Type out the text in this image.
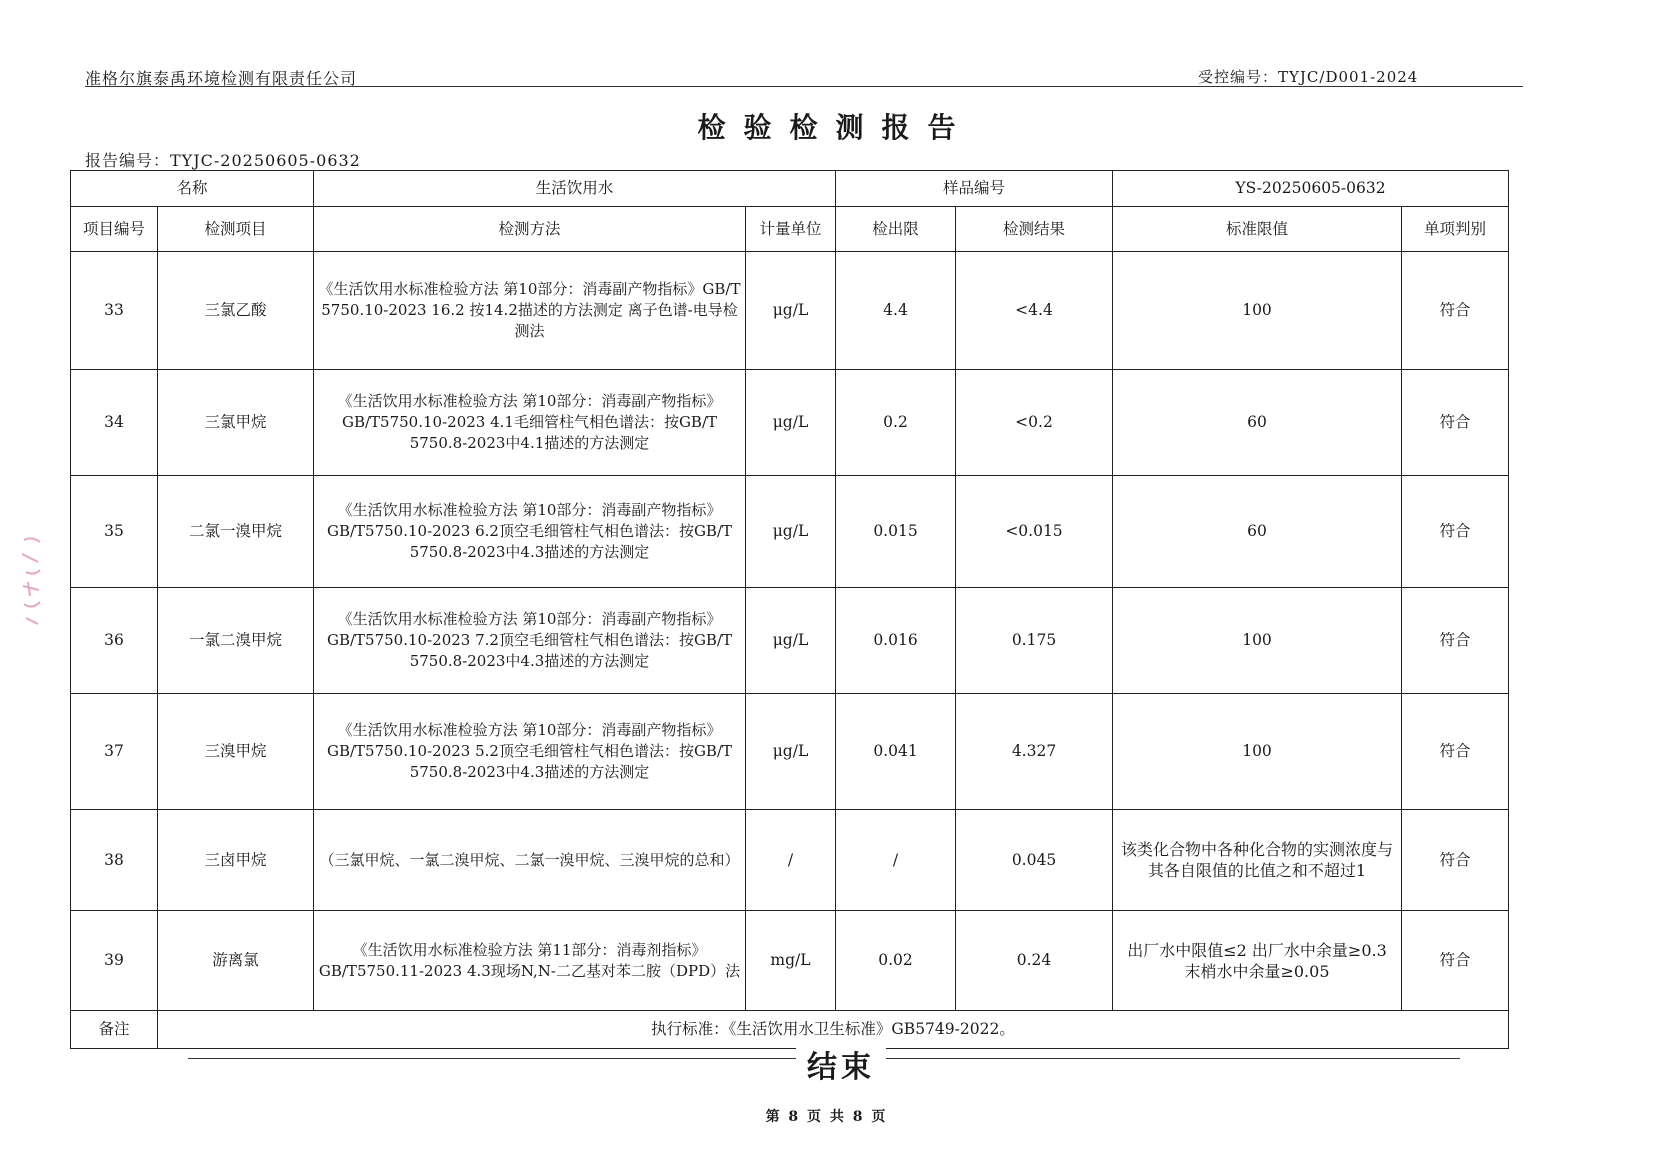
准格尔旗泰禹环境检测有限责任公司	受控编号：TYJC/D001-2024
检验检测报告
报告编号：TYJC-20250605-0632
名称		生活饮用水		样品编号		YS-20250605-0632	
项目编号	检测项目	检测方法	计量单位	检出限	检测结果	标准限值	单项判别
33	三氯乙酸	《生活饮用水标准检验方法 第10部分：消毒副产物指标》GB/T 5750.10-2023 16.2 按14.2描述的方法测定 离子色谱-电导检测法	μg/L	4.4	<4.4	100	符合
34	三氯甲烷	《生活饮用水标准检验方法 第10部分：消毒副产物指标》GB/T5750.10-2023 4.1毛细管柱气相色谱法：按GB/T 5750.8-2023中4.1描述的方法测定	μg/L	0.2	<0.2	60	符合
35	二氯一溴甲烷	《生活饮用水标准检验方法 第10部分：消毒副产物指标》GB/T5750.10-2023 6.2顶空毛细管柱气相色谱法：按GB/T 5750.8-2023中4.3描述的方法测定	μg/L	0.015	<0.015	60	符合
36	一氯二溴甲烷	《生活饮用水标准检验方法 第10部分：消毒副产物指标》GB/T5750.10-2023 7.2顶空毛细管柱气相色谱法：按GB/T 5750.8-2023中4.3描述的方法测定	μg/L	0.016	0.175	100	符合
37	三溴甲烷	《生活饮用水标准检验方法 第10部分：消毒副产物指标》GB/T5750.10-2023 5.2顶空毛细管柱气相色谱法：按GB/T 5750.8-2023中4.3描述的方法测定	μg/L	0.041	4.327	100	符合
38	三卤甲烷	（三氯甲烷、一氯二溴甲烷、二氯一溴甲烷、三溴甲烷的总和）	/	/	0.045	该类化合物中各种化合物的实测浓度与其各自限值的比值之和不超过1	符合
39	游离氯	《生活饮用水标准检验方法 第11部分：消毒剂指标》GB/T5750.11-2023 4.3现场N,N-二乙基对苯二胺（DPD）法	mg/L	0.02	0.24	出厂水中限值≤2 出厂水中余量≥0.3 末梢水中余量≥0.05	符合
备注	执行标准：《生活饮用水卫生标准》GB5749-2022。						
结束
第 8 页 共 8 页
